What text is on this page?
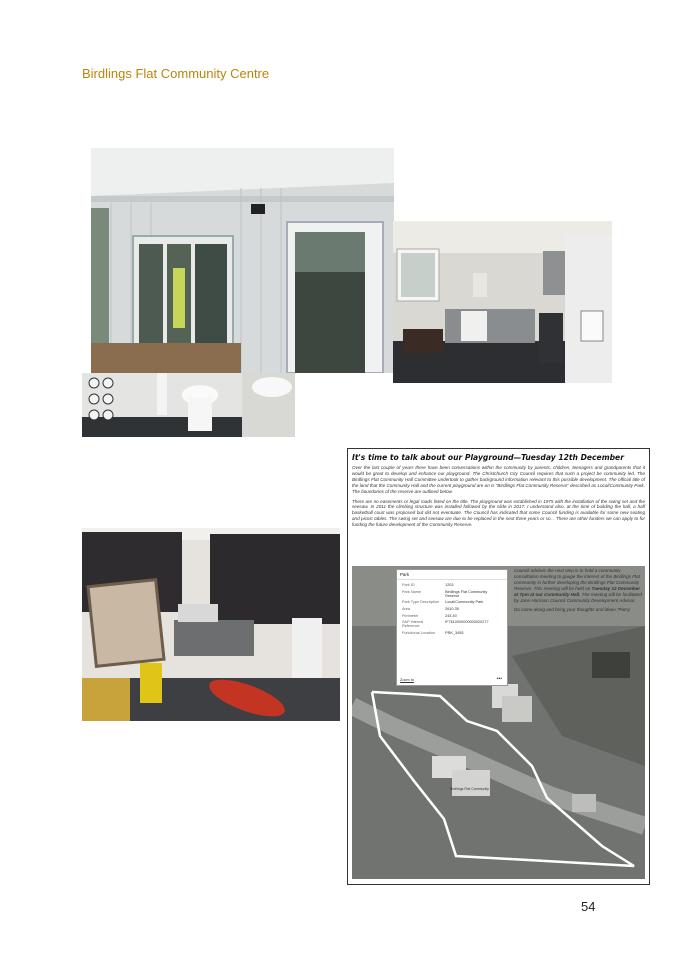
Birdlings Flat Community Centre
It's time to talk about our Playground—Tuesday 12th December

Over the last couple of years there have been conversations within the community by parents, children, teenagers and grandparents that it would be great to develop and enhance our playground. The Christchurch City Council requires that such a project be community led. The Birdlings Flat Community Hall Committee undertook to gather background information relevant to this possible development. The official title of the land that the Community Hall and the current playground are on is "Birdlings Flat Community Reserve" described as Local/Community Park. The boundaries of the reserve are outlined below.

There are no easements or legal roads listed on the title. The playground was established in 1975 with the installation of the swing set and the seesaw. In 2011 the climbing structure was installed followed by the slide in 2017. I understand also, at the time of building the hall, a half basketball court was proposed but did not eventuate. The Council has indicated that some Council funding is available for some new seating and picnic tables. The swing set and seesaw are due to be replaced in the next three years or so. . There are other funders we can apply to for funding the future development of the Community Reserve.

Birdlings Flat Community

Council advises the next step is to hold a community consultation meeting to gauge the interest of the Birdlings Flat community in further developing the Birdlings Flat Community Reserve. This meeting will be held on Tuesday 12 December at 7pm at our Community Hall. The meeting will be facilitated by Jane Harrison Council Community Development Advisor.

Do come along and bring your thoughts and ideas.“Patsy

Park
Park ID	1203
Park Name	Birdlings Flat Community Reserve
Park Type Description	Local/Community Park
Area	2610.35
Perimeter	243.40
SAP Internal Reference	IF7610000000000020277
Functional Location	PRK_3455
Zoom to	•••
54
